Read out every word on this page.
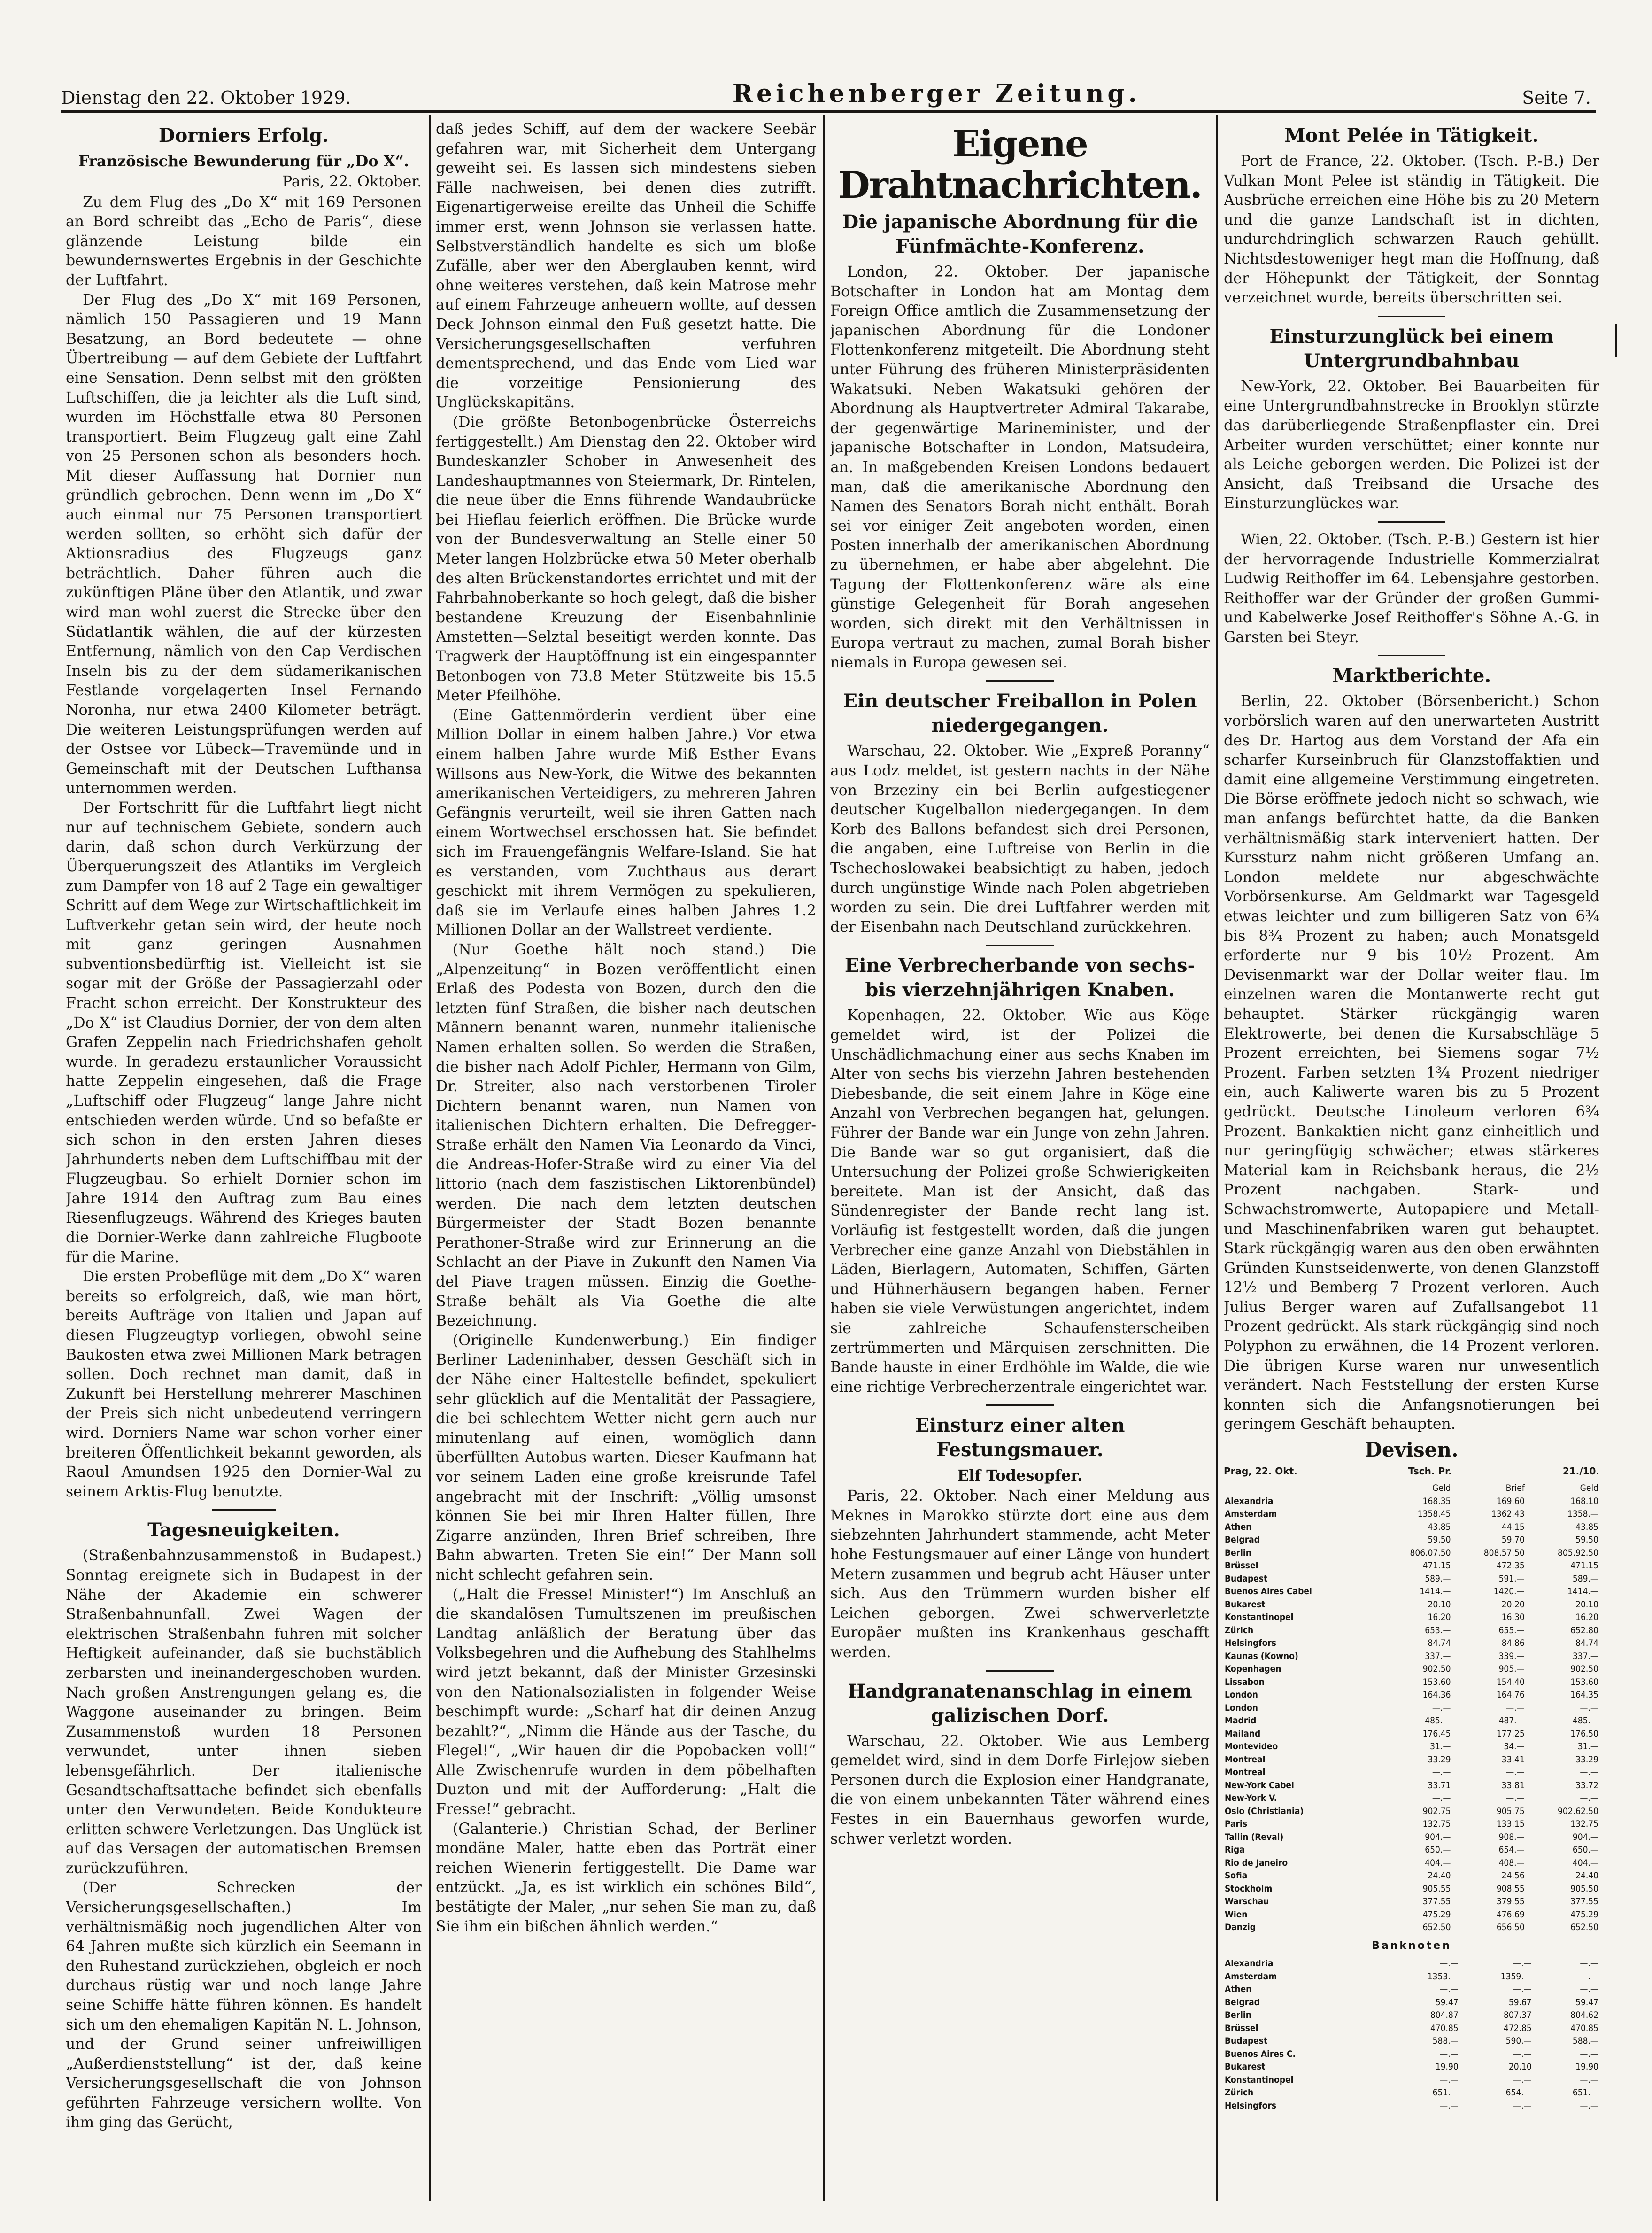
Dienstag den 22. Oktober 1929.	Reichenberger Zeitung.	Seite 7.
Dorniers Erfolg.
Französische Bewunderung für „Do X“.
Paris, 22. Oktober.

Zu dem Flug des „Do X“ mit 169 Personen an Bord schreibt das „Echo de Paris“, diese glänzende Leistung bilde ein bewundernswertes Ergebnis in der Geschichte der Luftfahrt.

Der Flug des „Do X“ mit 169 Personen, nämlich 150 Passagieren und 19 Mann Besatzung, an Bord bedeutete — ohne Übertreibung — auf dem Gebiete der Luftfahrt eine Sensation. Denn selbst mit den größten Luftschiffen, die ja leichter als die Luft sind, wurden im Höchstfalle etwa 80 Personen transportiert. Beim Flugzeug galt eine Zahl von 25 Personen schon als besonders hoch. Mit dieser Auffassung hat Dornier nun gründlich gebrochen. Denn wenn im „Do X“ auch einmal nur 75 Personen transportiert werden sollten, so erhöht sich dafür der Aktionsradius des Flugzeugs ganz beträchtlich. Daher führen auch die zukünftigen Pläne über den Atlantik, und zwar wird man wohl zuerst die Strecke über den Südatlantik wählen, die auf der kürzesten Entfernung, nämlich von den Cap Verdischen Inseln bis zu der dem südamerikanischen Festlande vorgelagerten Insel Fernando Noronha, nur etwa 2400 Kilometer beträgt. Die weiteren Leistungsprüfungen werden auf der Ostsee vor Lübeck—Travemünde und in Gemeinschaft mit der Deutschen Lufthansa unternommen werden.

Der Fortschritt für die Luftfahrt liegt nicht nur auf technischem Gebiete, sondern auch darin, daß schon durch Verkürzung der Überquerungszeit des Atlantiks im Vergleich zum Dampfer von 18 auf 2 Tage ein gewaltiger Schritt auf dem Wege zur Wirtschaftlichkeit im Luftverkehr getan sein wird, der heute noch mit ganz geringen Ausnahmen subventionsbedürftig ist. Vielleicht ist sie sogar mit der Größe der Passagierzahl oder Fracht schon erreicht. Der Konstrukteur des „Do X“ ist Claudius Dornier, der von dem alten Grafen Zeppelin nach Friedrichshafen geholt wurde. In geradezu erstaunlicher Voraussicht hatte Zeppelin eingesehen, daß die Frage „Luftschiff oder Flugzeug“ lange Jahre nicht entschieden werden würde. Und so befaßte er sich schon in den ersten Jahren dieses Jahrhunderts neben dem Luftschiffbau mit der Flugzeugbau. So erhielt Dornier schon im Jahre 1914 den Auftrag zum Bau eines Riesenflugzeugs. Während des Krieges bauten die Dornier-Werke dann zahlreiche Flugboote für die Marine.

Die ersten Probeflüge mit dem „Do X“ waren bereits so erfolgreich, daß, wie man hört, bereits Aufträge von Italien und Japan auf diesen Flugzeugtyp vorliegen, obwohl seine Baukosten etwa zwei Millionen Mark betragen sollen. Doch rechnet man damit, daß in Zukunft bei Herstellung mehrerer Maschinen der Preis sich nicht unbedeutend verringern wird. Dorniers Name war schon vorher einer breiteren Öffentlichkeit bekannt geworden, als Raoul Amundsen 1925 den Dornier-Wal zu seinem Arktis-Flug benutzte.

Tagesneuigkeiten.

(Straßenbahnzusammenstoß in Budapest.) Sonntag ereignete sich in Budapest in der Nähe der Akademie ein schwerer Straßenbahnunfall. Zwei Wagen der elektrischen Straßenbahn fuhren mit solcher Heftigkeit aufeinander, daß sie buchstäblich zerbarsten und ineinandergeschoben wurden. Nach großen Anstrengungen gelang es, die Waggone auseinander zu bringen. Beim Zusammenstoß wurden 18 Personen verwundet, unter ihnen sieben lebensgefährlich. Der italienische Gesandtschaftsattache befindet sich ebenfalls unter den Verwundeten. Beide Kondukteure erlitten schwere Verletzungen. Das Unglück ist auf das Versagen der automatischen Bremsen zurückzuführen.

(Der Schrecken der Versicherungsgesellschaften.) Im verhältnismäßig noch jugendlichen Alter von 64 Jahren mußte sich kürzlich ein Seemann in den Ruhestand zurückziehen, obgleich er noch durchaus rüstig war und noch lange Jahre seine Schiffe hätte führen können. Es handelt sich um den ehemaligen Kapitän N. L. Johnson, und der Grund seiner unfreiwilligen „Außerdienststellung“ ist der, daß keine Versicherungsgesellschaft die von Johnson geführten Fahrzeuge versichern wollte. Von ihm ging das Gerücht,

daß jedes Schiff, auf dem der wackere Seebär gefahren war, mit Sicherheit dem Untergang geweiht sei. Es lassen sich mindestens sieben Fälle nachweisen, bei denen dies zutrifft. Eigenartigerweise ereilte das Unheil die Schiffe immer erst, wenn Johnson sie verlassen hatte. Selbstverständlich handelte es sich um bloße Zufälle, aber wer den Aberglauben kennt, wird ohne weiteres verstehen, daß kein Matrose mehr auf einem Fahrzeuge anheuern wollte, auf dessen Deck Johnson einmal den Fuß gesetzt hatte. Die Versicherungsgesellschaften verfuhren dementsprechend, und das Ende vom Lied war die vorzeitige Pensionierung des Unglückskapitäns.

(Die größte Betonbogenbrücke Österreichs fertiggestellt.) Am Dienstag den 22. Oktober wird Bundeskanzler Schober in Anwesenheit des Landeshauptmannes von Steiermark, Dr. Rintelen, die neue über die Enns führende Wandaubrücke bei Hieflau feierlich eröffnen. Die Brücke wurde von der Bundesverwaltung an Stelle einer 50 Meter langen Holzbrücke etwa 50 Meter oberhalb des alten Brückenstandortes errichtet und mit der Fahrbahnoberkante so hoch gelegt, daß die bisher bestandene Kreuzung der Eisenbahnlinie Amstetten—Selztal beseitigt werden konnte. Das Tragwerk der Hauptöffnung ist ein eingespannter Betonbogen von 73.8 Meter Stützweite bis 15.5 Meter Pfeilhöhe.

(Eine Gattenmörderin verdient über eine Million Dollar in einem halben Jahre.) Vor etwa einem halben Jahre wurde Miß Esther Evans Willsons aus New-York, die Witwe des bekannten amerikanischen Verteidigers, zu mehreren Jahren Gefängnis verurteilt, weil sie ihren Gatten nach einem Wortwechsel erschossen hat. Sie befindet sich im Frauengefängnis Welfare-Island. Sie hat es verstanden, vom Zuchthaus aus derart geschickt mit ihrem Vermögen zu spekulieren, daß sie im Verlaufe eines halben Jahres 1.2 Millionen Dollar an der Wallstreet verdiente.

(Nur Goethe hält noch stand.) Die „Alpenzeitung“ in Bozen veröffentlicht einen Erlaß des Podesta von Bozen, durch den die letzten fünf Straßen, die bisher nach deutschen Männern benannt waren, nunmehr italienische Namen erhalten sollen. So werden die Straßen, die bisher nach Adolf Pichler, Hermann von Gilm, Dr. Streiter, also nach verstorbenen Tiroler Dichtern benannt waren, nun Namen von italienischen Dichtern erhalten. Die Defregger-Straße erhält den Namen Via Leonardo da Vinci, die Andreas-Hofer-Straße wird zu einer Via del littorio (nach dem faszistischen Liktorenbündel) werden. Die nach dem letzten deutschen Bürgermeister der Stadt Bozen benannte Perathoner-Straße wird zur Erinnerung an die Schlacht an der Piave in Zukunft den Namen Via del Piave tragen müssen. Einzig die Goethe-Straße behält als Via Goethe die alte Bezeichnung.

(Originelle Kundenwerbung.) Ein findiger Berliner Ladeninhaber, dessen Geschäft sich in der Nähe einer Haltestelle befindet, spekuliert sehr glücklich auf die Mentalität der Passagiere, die bei schlechtem Wetter nicht gern auch nur minutenlang auf einen, womöglich dann überfüllten Autobus warten. Dieser Kaufmann hat vor seinem Laden eine große kreisrunde Tafel angebracht mit der Inschrift: „Völlig umsonst können Sie bei mir Ihren Halter füllen, Ihre Zigarre anzünden, Ihren Brief schreiben, Ihre Bahn abwarten. Treten Sie ein!“ Der Mann soll nicht schlecht gefahren sein.

(„Halt die Fresse! Minister!“) Im Anschluß an die skandalösen Tumultszenen im preußischen Landtag anläßlich der Beratung über das Volksbegehren und die Aufhebung des Stahlhelms wird jetzt bekannt, daß der Minister Grzesinski von den Nationalsozialisten in folgender Weise beschimpft wurde: „Scharf hat dir deinen Anzug bezahlt?“, „Nimm die Hände aus der Tasche, du Flegel!“, „Wir hauen dir die Popobacken voll!“ Alle Zwischenrufe wurden in dem pöbelhaften Duzton und mit der Aufforderung: „Halt die Fresse!“ gebracht.

(Galanterie.) Christian Schad, der Berliner mondäne Maler, hatte eben das Porträt einer reichen Wienerin fertiggestellt. Die Dame war entzückt. „Ja, es ist wirklich ein schönes Bild“, bestätigte der Maler, „nur sehen Sie man zu, daß Sie ihm ein bißchen ähnlich werden.“

Eigene Drahtnachrichten.
Die japanische Abordnung für die Fünfmächte-Konferenz.

London, 22. Oktober. Der japanische Botschafter in London hat am Montag dem Foreign Office amtlich die Zusammensetzung der japanischen Abordnung für die Londoner Flottenkonferenz mitgeteilt. Die Abordnung steht unter Führung des früheren Ministerpräsidenten Wakatsuki. Neben Wakatsuki gehören der Abordnung als Hauptvertreter Admiral Takarabe, der gegenwärtige Marineminister, und der japanische Botschafter in London, Matsudeira, an. In maßgebenden Kreisen Londons bedauert man, daß die amerikanische Abordnung den Namen des Senators Borah nicht enthält. Borah sei vor einiger Zeit angeboten worden, einen Posten innerhalb der amerikanischen Abordnung zu übernehmen, er habe aber abgelehnt. Die Tagung der Flottenkonferenz wäre als eine günstige Gelegenheit für Borah angesehen worden, sich direkt mit den Verhältnissen in Europa vertraut zu machen, zumal Borah bisher niemals in Europa gewesen sei.

Ein deutscher Freiballon in Polen niedergegangen.

Warschau, 22. Oktober. Wie „Expreß Poranny“ aus Lodz meldet, ist gestern nachts in der Nähe von Brzeziny ein bei Berlin aufgestiegener deutscher Kugelballon niedergegangen. In dem Korb des Ballons befandest sich drei Personen, die angaben, eine Luftreise von Berlin in die Tschechoslowakei beabsichtigt zu haben, jedoch durch ungünstige Winde nach Polen abgetrieben worden zu sein. Die drei Luftfahrer werden mit der Eisenbahn nach Deutschland zurückkehren.

Eine Verbrecherbande von sechs- bis vierzehnjährigen Knaben.

Kopenhagen, 22. Oktober. Wie aus Köge gemeldet wird, ist der Polizei die Unschädlichmachung einer aus sechs Knaben im Alter von sechs bis vierzehn Jahren bestehenden Diebesbande, die seit einem Jahre in Köge eine Anzahl von Verbrechen begangen hat, gelungen. Führer der Bande war ein Junge von zehn Jahren. Die Bande war so gut organisiert, daß die Untersuchung der Polizei große Schwierigkeiten bereitete. Man ist der Ansicht, daß das Sündenregister der Bande recht lang ist. Vorläufig ist festgestellt worden, daß die jungen Verbrecher eine ganze Anzahl von Diebstählen in Läden, Bierlagern, Automaten, Schiffen, Gärten und Hühnerhäusern begangen haben. Ferner haben sie viele Verwüstungen angerichtet, indem sie zahlreiche Schaufensterscheiben zertrümmerten und Märquisen zerschnitten. Die Bande hauste in einer Erdhöhle im Walde, die wie eine richtige Verbrecherzentrale eingerichtet war.

Einsturz einer alten Festungsmauer.
Elf Todesopfer.

Paris, 22. Oktober. Nach einer Meldung aus Meknes in Marokko stürzte dort eine aus dem siebzehnten Jahrhundert stammende, acht Meter hohe Festungsmauer auf einer Länge von hundert Metern zusammen und begrub acht Häuser unter sich. Aus den Trümmern wurden bisher elf Leichen geborgen. Zwei schwerverletzte Europäer mußten ins Krankenhaus geschafft werden.

Handgranatenanschlag in einem galizischen Dorf.

Warschau, 22. Oktober. Wie aus Lemberg gemeldet wird, sind in dem Dorfe Firlejow sieben Personen durch die Explosion einer Handgranate, die von einem unbekannten Täter während eines Festes in ein Bauernhaus geworfen wurde, schwer verletzt worden.

Mont Pelée in Tätigkeit.

Port de France, 22. Oktober. (Tsch. P.-B.) Der Vulkan Mont Pelee ist ständig in Tätigkeit. Die Ausbrüche erreichen eine Höhe bis zu 20 Metern und die ganze Landschaft ist in dichten, undurchdringlich schwarzen Rauch gehüllt. Nichtsdestoweniger hegt man die Hoffnung, daß der Höhepunkt der Tätigkeit, der Sonntag verzeichnet wurde, bereits überschritten sei.

Einsturzunglück bei einem Untergrundbahnbau

New-York, 22. Oktober. Bei Bauarbeiten für eine Untergrundbahnstrecke in Brooklyn stürzte das darüberliegende Straßenpflaster ein. Drei Arbeiter wurden verschüttet; einer konnte nur als Leiche geborgen werden. Die Polizei ist der Ansicht, daß Treibsand die Ursache des Einsturzunglückes war.

Wien, 22. Oktober. (Tsch. P.-B.) Gestern ist hier der hervorragende Industrielle Kommerzialrat Ludwig Reithoffer im 64. Lebensjahre gestorben. Reithoffer war der Gründer der großen Gummi- und Kabelwerke Josef Reithoffer's Söhne A.-G. in Garsten bei Steyr.

Marktberichte.

Berlin, 22. Oktober (Börsenbericht.) Schon vorbörslich waren auf den unerwarteten Austritt des Dr. Hartog aus dem Vorstand der Afa ein scharfer Kurseinbruch für Glanzstoffaktien und damit eine allgemeine Verstimmung eingetreten. Die Börse eröffnete jedoch nicht so schwach, wie man anfangs befürchtet hatte, da die Banken verhältnismäßig stark interveniert hatten. Der Kurssturz nahm nicht größeren Umfang an. London meldete nur abgeschwächte Vorbörsenkurse. Am Geldmarkt war Tagesgeld etwas leichter und zum billigeren Satz von 6¾ bis 8¾ Prozent zu haben; auch Monatsgeld erforderte nur 9 bis 10½ Prozent. Am Devisenmarkt war der Dollar weiter flau. Im einzelnen waren die Montanwerte recht gut behauptet. Stärker rückgängig waren Elektrowerte, bei denen die Kursabschläge 5 Prozent erreichten, bei Siemens sogar 7½ Prozent. Farben setzten 1¾ Prozent niedriger ein, auch Kaliwerte waren bis zu 5 Prozent gedrückt. Deutsche Linoleum verloren 6¾ Prozent. Bankaktien nicht ganz einheitlich und nur geringfügig schwächer; etwas stärkeres Material kam in Reichsbank heraus, die 2½ Prozent nachgaben. Stark- und Schwachstromwerte, Autopapiere und Metall- und Maschinenfabriken waren gut behauptet. Stark rückgängig waren aus den oben erwähnten Gründen Kunstseidenwerte, von denen Glanzstoff 12½ und Bemberg 7 Prozent verloren. Auch Julius Berger waren auf Zufallsangebot 11 Prozent gedrückt. Als stark rückgängig sind noch Polyphon zu erwähnen, die 14 Prozent verloren. Die übrigen Kurse waren nur unwesentlich verändert. Nach Feststellung der ersten Kurse konnten sich die Anfangsnotierungen bei geringem Geschäft behaupten.

Devisen.
Prag, 22. Okt.	Tsch. Pr.	21./10.
	Geld	Brief	Geld
Alexandria	168.35	169.60	168.10
Amsterdam	1358.45	1362.43	1358.—
Athen	43.85	44.15	43.85
Belgrad	59.50	59.70	59.50
Berlin	806.07.50	808.57.50	805.92.50
Brüssel	471.15	472.35	471.15
Budapest	589.—	591.—	589.—
Buenos Aires Cabel	1414.—	1420.—	1414.—
Bukarest	20.10	20.20	20.10
Konstantinopel	16.20	16.30	16.20
Zürich	653.—	655.—	652.80
Helsingfors	84.74	84.86	84.74
Kaunas (Kowno)	337.—	339.—	337.—
Kopenhagen	902.50	905.—	902.50
Lissabon	153.60	154.40	153.60
London	164.36	164.76	164.35
London	—.—	—.—	—.—
Madrid	485.—	487.—	485.—
Mailand	176.45	177.25	176.50
Montevideo	31.—	34.—	31.—
Montreal	33.29	33.41	33.29
Montreal	—.—	—.—	—.—
New-York Cabel	33.71	33.81	33.72
New-York V.	—.—	—.—	—.—
Oslo (Christiania)	902.75	905.75	902.62.50
Paris	132.75	133.15	132.75
Tallin (Reval)	904.—	908.—	904.—
Riga	650.—	654.—	650.—
Rio de Janeiro	404.—	408.—	404.—
Sofia	24.40	24.56	24.40
Stockholm	905.55	908.55	905.50
Warschau	377.55	379.55	377.55
Wien	475.29	476.69	475.29
Danzig	652.50	656.50	652.50
Banknoten
Alexandria	—.—	—.—	—.—
Amsterdam	1353.—	1359.—	—.—
Athen	—.—	—.—	—.—
Belgrad	59.47	59.67	59.47
Berlin	804.87	807.37	804.62
Brüssel	470.85	472.85	470.85
Budapest	588.—	590.—	588.—
Buenos Aires C.	—.—	—.—	—.—
Bukarest	19.90	20.10	19.90
Konstantinopel	—.—	—.—	—.—
Zürich	651.—	654.—	651.—
Helsingfors	—.—	—.—	—.—
